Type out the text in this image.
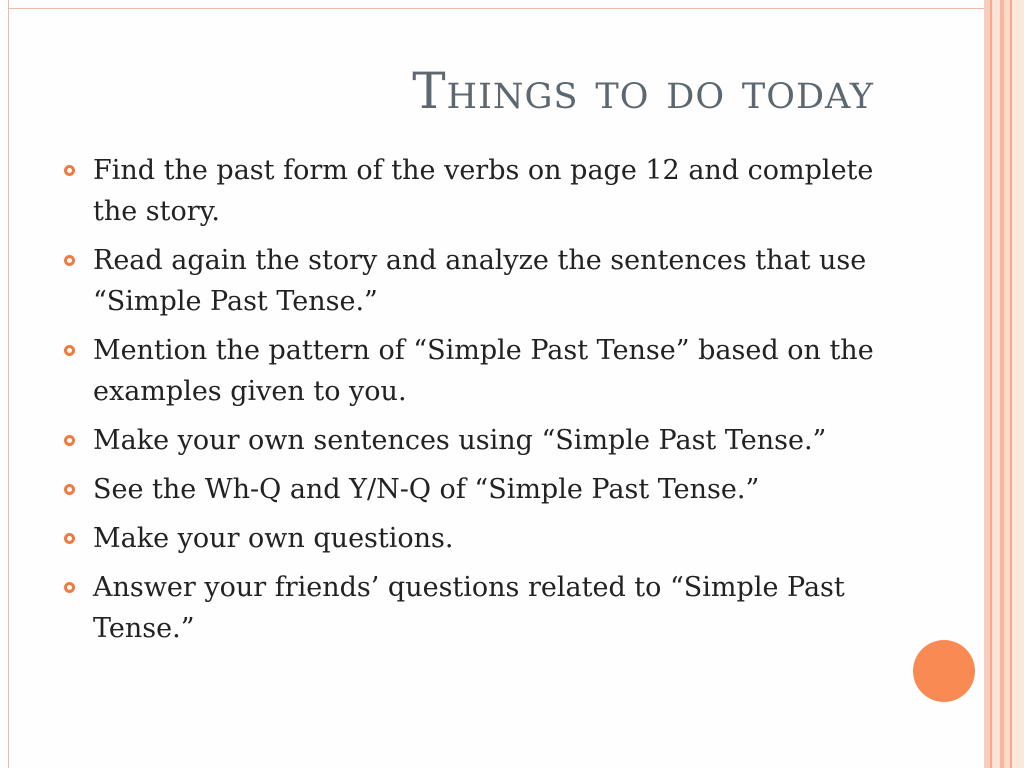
Things to do today
Find the past form of the verbs on page 12 and complete the story.
Read again the story and analyze the sentences that use “Simple Past Tense.”
Mention the pattern of “Simple Past Tense” based on the examples given to you.
Make your own sentences using “Simple Past Tense.”
See the Wh-Q and Y/N-Q of “Simple Past Tense.”
Make your own questions.
Answer your friends’ questions related to “Simple Past Tense.”
